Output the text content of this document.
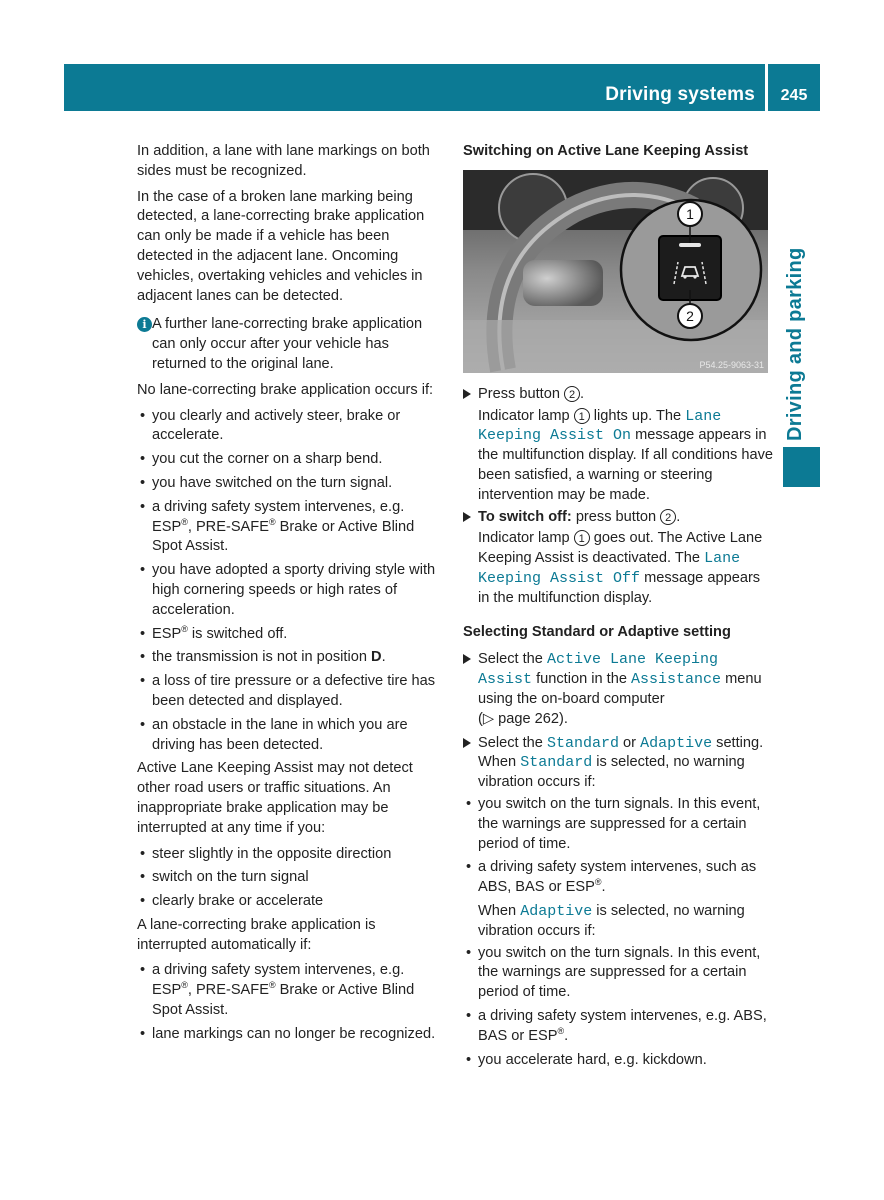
Driving systems	245
Driving and parking

In addition, a lane with lane markings on both sides must be recognized.

In the case of a broken lane marking being detected, a lane-correcting brake application can only be made if a vehicle has been detected in the adjacent lane. Oncoming vehicles, overtaking vehicles and vehicles in adjacent lanes can be detected.

i A further lane-correcting brake application can only occur after your vehicle has returned to the original lane.

No lane-correcting brake application occurs if:

• you clearly and actively steer, brake or accelerate.
• you cut the corner on a sharp bend.
• you have switched on the turn signal.
• a driving safety system intervenes, e.g. ESP®, PRE-SAFE® Brake or Active Blind Spot Assist.
• you have adopted a sporty driving style with high cornering speeds or high rates of acceleration.
• ESP® is switched off.
• the transmission is not in position D.
• a loss of tire pressure or a defective tire has been detected and displayed.
• an obstacle in the lane in which you are driving has been detected.

Active Lane Keeping Assist may not detect other road users or traffic situations. An inappropriate brake application may be interrupted at any time if you:

• steer slightly in the opposite direction
• switch on the turn signal
• clearly brake or accelerate

A lane-correcting brake application is interrupted automatically if:

• a driving safety system intervenes, e.g. ESP®, PRE-SAFE® Brake or Active Blind Spot Assist.
• lane markings can no longer be recognized.
Switching on Active Lane Keeping Assist
1
2
P54.25-9063-31
Press button 2 .

Indicator lamp 1 lights up. The Lane Keeping Assist On message appears in the multifunction display. If all conditions have been satisfied, a warning or steering intervention may be made.

To switch off: press button 2 .

Indicator lamp 1 goes out. The Active Lane Keeping Assist is deactivated. The Lane Keeping Assist Off message appears in the multifunction display.

Selecting Standard or Adaptive setting
Select the Active Lane Keeping Assist function in the Assistance menu using the on-board computer
(▷ page 262).
Select the Standard or Adaptive setting.
When Standard is selected, no warning vibration occurs if:
• you switch on the turn signals. In this event, the warnings are suppressed for a certain period of time.
• a driving safety system intervenes, such as ABS, BAS or ESP®.

When Adaptive is selected, no warning vibration occurs if:

• you switch on the turn signals. In this event, the warnings are suppressed for a certain period of time.
• a driving safety system intervenes, e.g. ABS, BAS or ESP®.
• you accelerate hard, e.g. kickdown.
